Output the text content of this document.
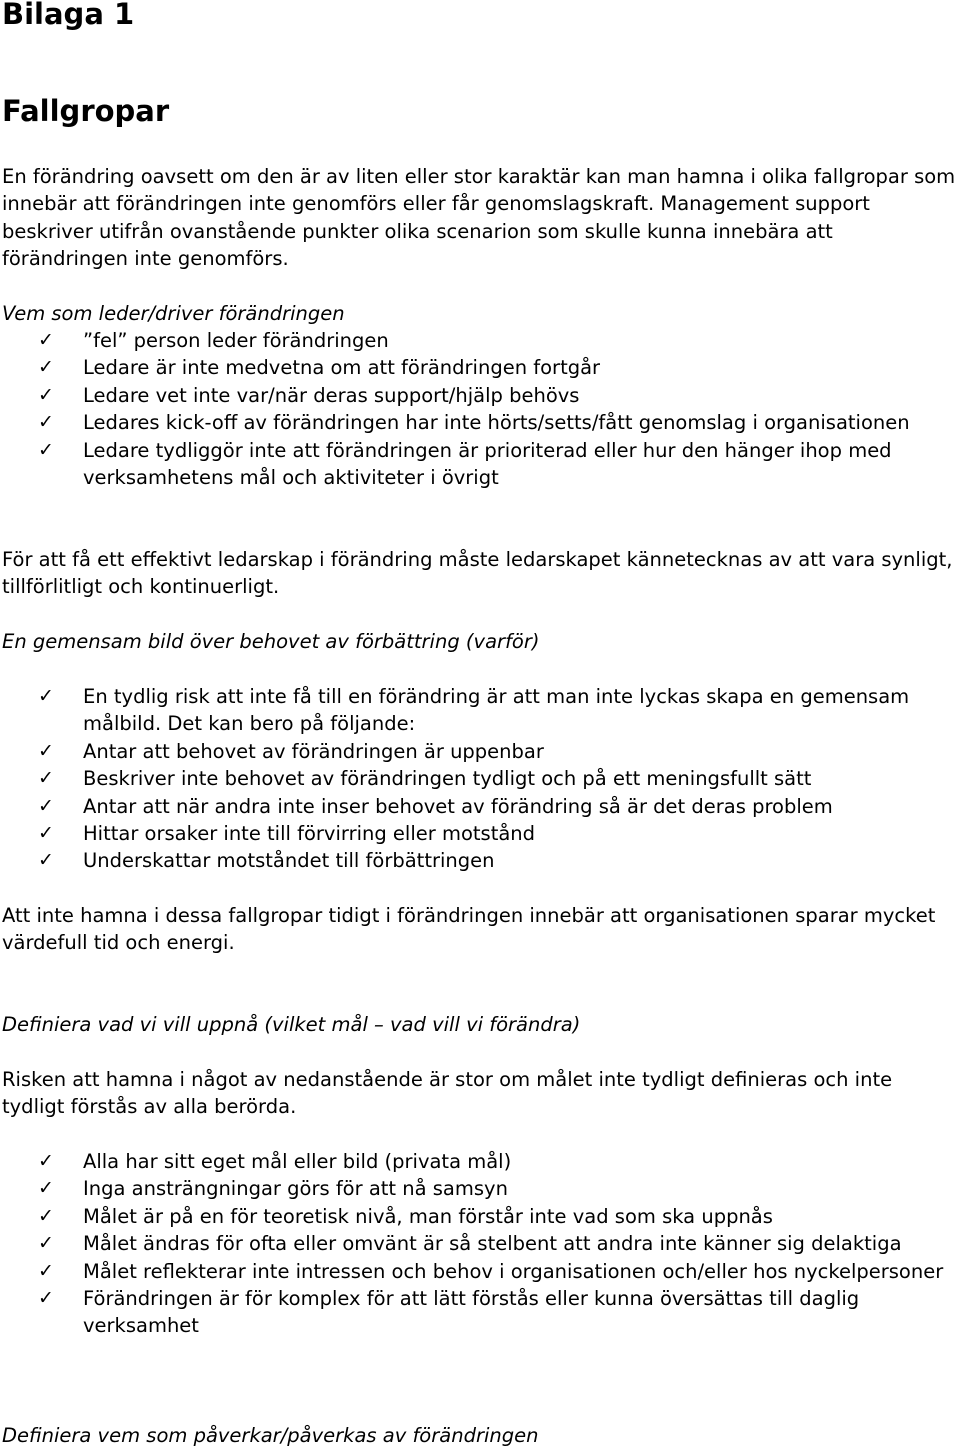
Bilaga 1
Fallgropar

En förändring oavsett om den är av liten eller stor karaktär kan man hamna i olika fallgropar som innebär att förändringen inte genomförs eller får genomslagskraft. Management support beskriver utifrån ovanstående punkter olika scenarion som skulle kunna innebära att förändringen inte genomförs.

Vem som leder/driver förändringen

✓ ”fel” person leder förändringen
✓ Ledare är inte medvetna om att förändringen fortgår
✓ Ledare vet inte var/när deras support/hjälp behövs
✓ Ledares kick-off av förändringen har inte hörts/setts/fått genomslag i organisationen
✓ Ledare tydliggör inte att förändringen är prioriterad eller hur den hänger ihop med verksamhetens mål och aktiviteter i övrigt

För att få ett effektivt ledarskap i förändring måste ledarskapet kännetecknas av att vara synligt, tillförlitligt och kontinuerligt.

En gemensam bild över behovet av förbättring (varför)

✓ En tydlig risk att inte få till en förändring är att man inte lyckas skapa en gemensam målbild. Det kan bero på följande:
✓ Antar att behovet av förändringen är uppenbar
✓ Beskriver inte behovet av förändringen tydligt och på ett meningsfullt sätt
✓ Antar att när andra inte inser behovet av förändring så är det deras problem
✓ Hittar orsaker inte till förvirring eller motstånd
✓ Underskattar motståndet till förbättringen

Att inte hamna i dessa fallgropar tidigt i förändringen innebär att organisationen sparar mycket värdefull tid och energi.

Definiera vad vi vill uppnå (vilket mål – vad vill vi förändra)

Risken att hamna i något av nedanstående är stor om målet inte tydligt definieras och inte tydligt förstås av alla berörda.

✓ Alla har sitt eget mål eller bild (privata mål)
✓ Inga ansträngningar görs för att nå samsyn
✓ Målet är på en för teoretisk nivå, man förstår inte vad som ska uppnås
✓ Målet ändras för ofta eller omvänt är så stelbent att andra inte känner sig delaktiga
✓ Målet reflekterar inte intressen och behov i organisationen och/eller hos nyckelpersoner
✓ Förändringen är för komplex för att lätt förstås eller kunna översättas till daglig verksamhet

Definiera vem som påverkar/påverkas av förändringen
